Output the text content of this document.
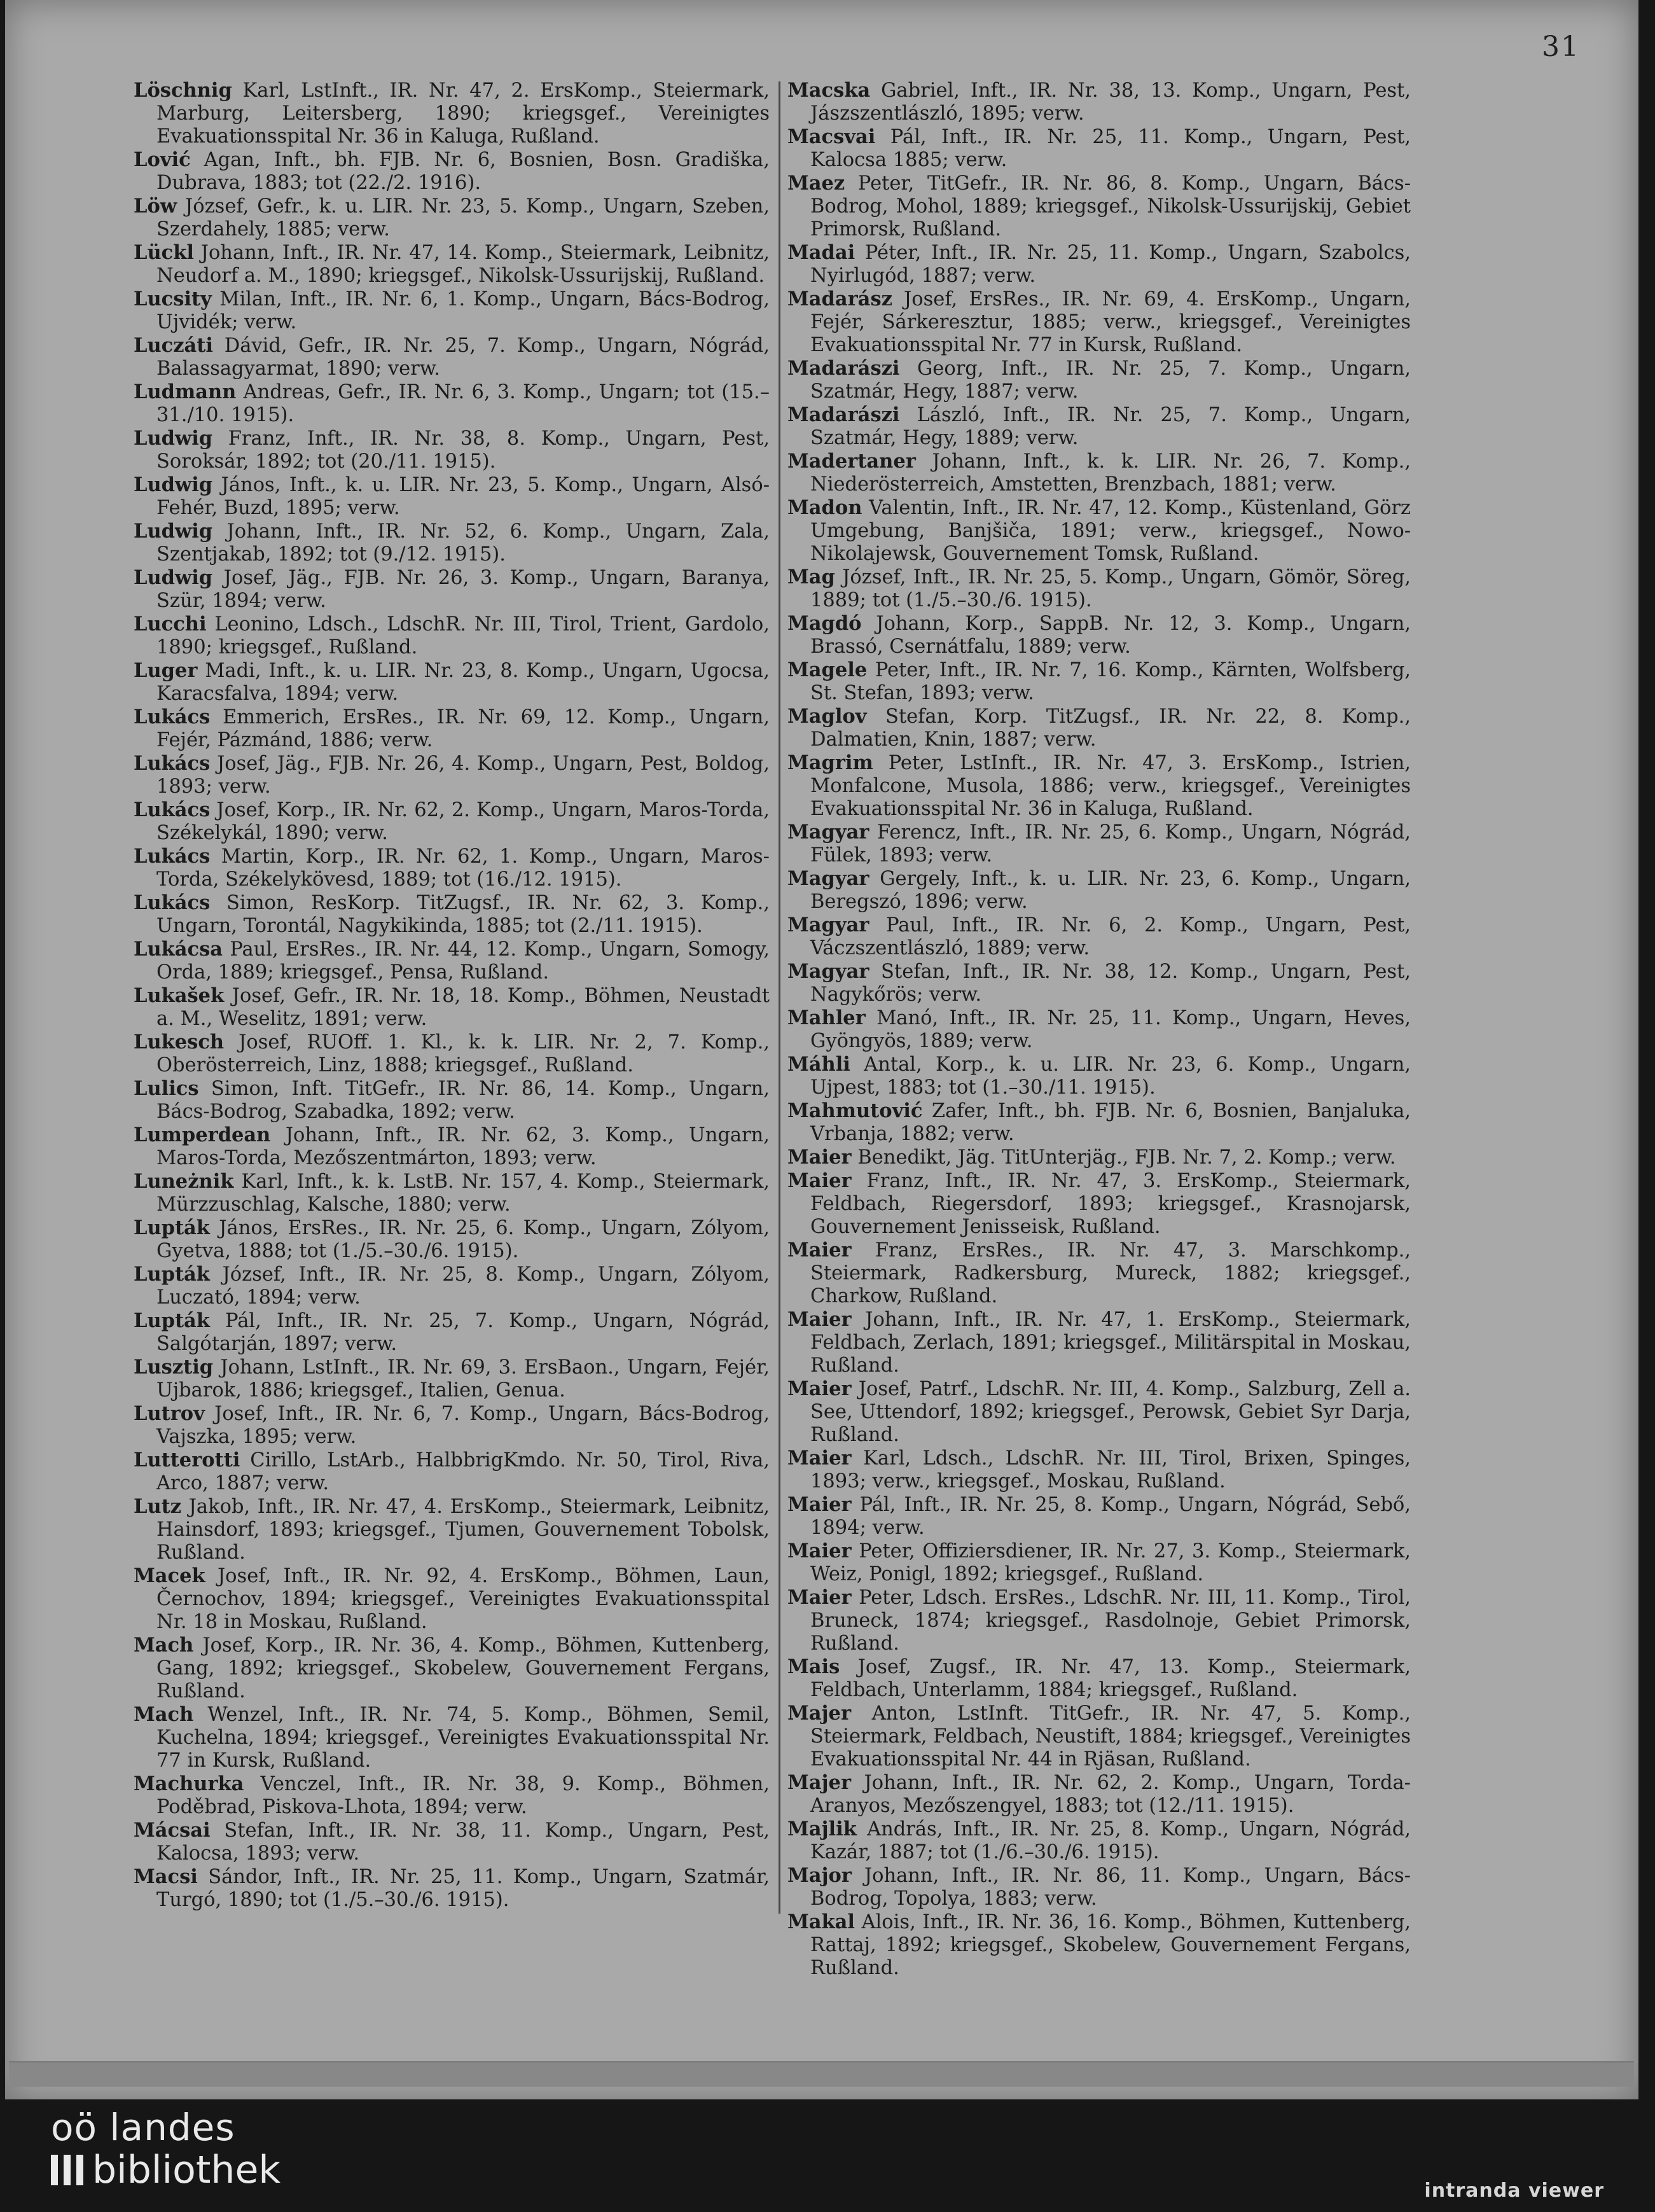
31

Löschnig Karl, LstInft., IR. Nr. 47, 2. ErsKomp., Steiermark, Marburg, Leitersberg, 1890; kriegsgef., Vereinigtes Evakuationsspital Nr. 36 in Kaluga, Rußland.

Lović Agan, Inft., bh. FJB. Nr. 6, Bosnien, Bosn. Gradiška, Dubrava, 1883; tot (22./2. 1916).

Löw József, Gefr., k. u. LIR. Nr. 23, 5. Komp., Ungarn, Szeben, Szerdahely, 1885; verw.

Lückl Johann, Inft., IR. Nr. 47, 14. Komp., Steiermark, Leibnitz, Neudorf a. M., 1890; kriegsgef., Nikolsk-Ussurijskij, Rußland.

Lucsity Milan, Inft., IR. Nr. 6, 1. Komp., Ungarn, Bács-Bodrog, Ujvidék; verw.

Luczáti Dávid, Gefr., IR. Nr. 25, 7. Komp., Ungarn, Nógrád, Balassagyarmat, 1890; verw.

Ludmann Andreas, Gefr., IR. Nr. 6, 3. Komp., Ungarn; tot (15.–31./10. 1915).

Ludwig Franz, Inft., IR. Nr. 38, 8. Komp., Ungarn, Pest, Soroksár, 1892; tot (20./11. 1915).

Ludwig János, Inft., k. u. LIR. Nr. 23, 5. Komp., Ungarn, Alsó-Fehér, Buzd, 1895; verw.

Ludwig Johann, Inft., IR. Nr. 52, 6. Komp., Ungarn, Zala, Szentjakab, 1892; tot (9./12. 1915).

Ludwig Josef, Jäg., FJB. Nr. 26, 3. Komp., Ungarn, Baranya, Szür, 1894; verw.

Lucchi Leonino, Ldsch., LdschR. Nr. III, Tirol, Trient, Gardolo, 1890; kriegsgef., Rußland.

Luger Madi, Inft., k. u. LIR. Nr. 23, 8. Komp., Ungarn, Ugocsa, Karacsfalva, 1894; verw.

Lukács Emmerich, ErsRes., IR. Nr. 69, 12. Komp., Ungarn, Fejér, Pázmánd, 1886; verw.

Lukács Josef, Jäg., FJB. Nr. 26, 4. Komp., Ungarn, Pest, Boldog, 1893; verw.

Lukács Josef, Korp., IR. Nr. 62, 2. Komp., Ungarn, Maros-Torda, Székelykál, 1890; verw.

Lukács Martin, Korp., IR. Nr. 62, 1. Komp., Ungarn, Maros-Torda, Székelykövesd, 1889; tot (16./12. 1915).

Lukács Simon, ResKorp. TitZugsf., IR. Nr. 62, 3. Komp., Ungarn, Torontál, Nagykikinda, 1885; tot (2./11. 1915).

Lukácsa Paul, ErsRes., IR. Nr. 44, 12. Komp., Ungarn, Somogy, Orda, 1889; kriegsgef., Pensa, Rußland.

Lukašek Josef, Gefr., IR. Nr. 18, 18. Komp., Böhmen, Neustadt a. M., Weselitz, 1891; verw.

Lukesch Josef, RUOff. 1. Kl., k. k. LIR. Nr. 2, 7. Komp., Oberösterreich, Linz, 1888; kriegsgef., Rußland.

Lulics Simon, Inft. TitGefr., IR. Nr. 86, 14. Komp., Ungarn, Bács-Bodrog, Szabadka, 1892; verw.

Lumperdean Johann, Inft., IR. Nr. 62, 3. Komp., Ungarn, Maros-Torda, Mezőszentmárton, 1893; verw.

Luneżnik Karl, Inft., k. k. LstB. Nr. 157, 4. Komp., Steiermark, Mürzzuschlag, Kalsche, 1880; verw.

Lupták János, ErsRes., IR. Nr. 25, 6. Komp., Ungarn, Zólyom, Gyetva, 1888; tot (1./5.–30./6. 1915).

Lupták József, Inft., IR. Nr. 25, 8. Komp., Ungarn, Zólyom, Luczató, 1894; verw.

Lupták Pál, Inft., IR. Nr. 25, 7. Komp., Ungarn, Nógrád, Salgótarján, 1897; verw.

Lusztig Johann, LstInft., IR. Nr. 69, 3. ErsBaon., Ungarn, Fejér, Ujbarok, 1886; kriegsgef., Italien, Genua.

Lutrov Josef, Inft., IR. Nr. 6, 7. Komp., Ungarn, Bács-Bodrog, Vajszka, 1895; verw.

Lutterotti Cirillo, LstArb., HalbbrigKmdo. Nr. 50, Tirol, Riva, Arco, 1887; verw.

Lutz Jakob, Inft., IR. Nr. 47, 4. ErsKomp., Steiermark, Leibnitz, Hainsdorf, 1893; kriegsgef., Tjumen, Gouvernement Tobolsk, Rußland.

Macek Josef, Inft., IR. Nr. 92, 4. ErsKomp., Böhmen, Laun, Černochov, 1894; kriegsgef., Vereinigtes Evakuationsspital Nr. 18 in Moskau, Rußland.

Mach Josef, Korp., IR. Nr. 36, 4. Komp., Böhmen, Kuttenberg, Gang, 1892; kriegsgef., Skobelew, Gouvernement Fergans, Rußland.

Mach Wenzel, Inft., IR. Nr. 74, 5. Komp., Böhmen, Semil, Kuchelna, 1894; kriegsgef., Vereinigtes Evakuationsspital Nr. 77 in Kursk, Rußland.

Machurka Venczel, Inft., IR. Nr. 38, 9. Komp., Böhmen, Poděbrad, Piskova-Lhota, 1894; verw.

Mácsai Stefan, Inft., IR. Nr. 38, 11. Komp., Ungarn, Pest, Kalocsa, 1893; verw.

Macsi Sándor, Inft., IR. Nr. 25, 11. Komp., Ungarn, Szatmár, Turgó, 1890; tot (1./5.–30./6. 1915).

Macska Gabriel, Inft., IR. Nr. 38, 13. Komp., Ungarn, Pest, Jászszentlászló, 1895; verw.

Macsvai Pál, Inft., IR. Nr. 25, 11. Komp., Ungarn, Pest, Kalocsa 1885; verw.

Maez Peter, TitGefr., IR. Nr. 86, 8. Komp., Ungarn, Bács-Bodrog, Mohol, 1889; kriegsgef., Nikolsk-Ussurijskij, Gebiet Primorsk, Rußland.

Madai Péter, Inft., IR. Nr. 25, 11. Komp., Ungarn, Szabolcs, Nyirlugód, 1887; verw.

Madarász Josef, ErsRes., IR. Nr. 69, 4. ErsKomp., Ungarn, Fejér, Sárkeresztur, 1885; verw., kriegsgef., Vereinigtes Evakuationsspital Nr. 77 in Kursk, Rußland.

Madarászi Georg, Inft., IR. Nr. 25, 7. Komp., Ungarn, Szatmár, Hegy, 1887; verw.

Madarászi László, Inft., IR. Nr. 25, 7. Komp., Ungarn, Szatmár, Hegy, 1889; verw.

Madertaner Johann, Inft., k. k. LIR. Nr. 26, 7. Komp., Niederösterreich, Amstetten, Brenzbach, 1881; verw.

Madon Valentin, Inft., IR. Nr. 47, 12. Komp., Küstenland, Görz Umgebung, Banjšiča, 1891; verw., kriegsgef., Nowo-Nikolajewsk, Gouvernement Tomsk, Rußland.

Mag József, Inft., IR. Nr. 25, 5. Komp., Ungarn, Gömör, Söreg, 1889; tot (1./5.–30./6. 1915).

Magdó Johann, Korp., SappB. Nr. 12, 3. Komp., Ungarn, Brassó, Csernátfalu, 1889; verw.

Magele Peter, Inft., IR. Nr. 7, 16. Komp., Kärnten, Wolfsberg, St. Stefan, 1893; verw.

Maglov Stefan, Korp. TitZugsf., IR. Nr. 22, 8. Komp., Dalmatien, Knin, 1887; verw.

Magrim Peter, LstInft., IR. Nr. 47, 3. ErsKomp., Istrien, Monfalcone, Musola, 1886; verw., kriegsgef., Vereinigtes Evakuationsspital Nr. 36 in Kaluga, Rußland.

Magyar Ferencz, Inft., IR. Nr. 25, 6. Komp., Ungarn, Nógrád, Fülek, 1893; verw.

Magyar Gergely, Inft., k. u. LIR. Nr. 23, 6. Komp., Ungarn, Beregszó, 1896; verw.

Magyar Paul, Inft., IR. Nr. 6, 2. Komp., Ungarn, Pest, Váczszentlászló, 1889; verw.

Magyar Stefan, Inft., IR. Nr. 38, 12. Komp., Ungarn, Pest, Nagykőrös; verw.

Mahler Manó, Inft., IR. Nr. 25, 11. Komp., Ungarn, Heves, Gyöngyös, 1889; verw.

Máhli Antal, Korp., k. u. LIR. Nr. 23, 6. Komp., Ungarn, Ujpest, 1883; tot (1.–30./11. 1915).

Mahmutović Zafer, Inft., bh. FJB. Nr. 6, Bosnien, Banjaluka, Vrbanja, 1882; verw.

Maier Benedikt, Jäg. TitUnterjäg., FJB. Nr. 7, 2. Komp.; verw.

Maier Franz, Inft., IR. Nr. 47, 3. ErsKomp., Steiermark, Feldbach, Riegersdorf, 1893; kriegsgef., Krasnojarsk, Gouvernement Jenisseisk, Rußland.

Maier Franz, ErsRes., IR. Nr. 47, 3. Marschkomp., Steiermark, Radkersburg, Mureck, 1882; kriegsgef., Charkow, Rußland.

Maier Johann, Inft., IR. Nr. 47, 1. ErsKomp., Steiermark, Feldbach, Zerlach, 1891; kriegsgef., Militärspital in Moskau, Rußland.

Maier Josef, Patrf., LdschR. Nr. III, 4. Komp., Salzburg, Zell a. See, Uttendorf, 1892; kriegsgef., Perowsk, Gebiet Syr Darja, Rußland.

Maier Karl, Ldsch., LdschR. Nr. III, Tirol, Brixen, Spinges, 1893; verw., kriegsgef., Moskau, Rußland.

Maier Pál, Inft., IR. Nr. 25, 8. Komp., Ungarn, Nógrád, Sebő, 1894; verw.

Maier Peter, Offiziersdiener, IR. Nr. 27, 3. Komp., Steiermark, Weiz, Ponigl, 1892; kriegsgef., Rußland.

Maier Peter, Ldsch. ErsRes., LdschR. Nr. III, 11. Komp., Tirol, Bruneck, 1874; kriegsgef., Rasdolnoje, Gebiet Primorsk, Rußland.

Mais Josef, Zugsf., IR. Nr. 47, 13. Komp., Steiermark, Feldbach, Unterlamm, 1884; kriegsgef., Rußland.

Majer Anton, LstInft. TitGefr., IR. Nr. 47, 5. Komp., Steiermark, Feldbach, Neustift, 1884; kriegsgef., Vereinigtes Evakuationsspital Nr. 44 in Rjäsan, Rußland.

Majer Johann, Inft., IR. Nr. 62, 2. Komp., Ungarn, Torda-Aranyos, Mezőszengyel, 1883; tot (12./11. 1915).

Majlik András, Inft., IR. Nr. 25, 8. Komp., Ungarn, Nógrád, Kazár, 1887; tot (1./6.–30./6. 1915).

Major Johann, Inft., IR. Nr. 86, 11. Komp., Ungarn, Bács-Bodrog, Topolya, 1883; verw.

Makal Alois, Inft., IR. Nr. 36, 16. Komp., Böhmen, Kuttenberg, Rattaj, 1892; kriegsgef., Skobelew, Gouvernement Fergans, Rußland.

oö landes
bibliothek	intranda viewer
